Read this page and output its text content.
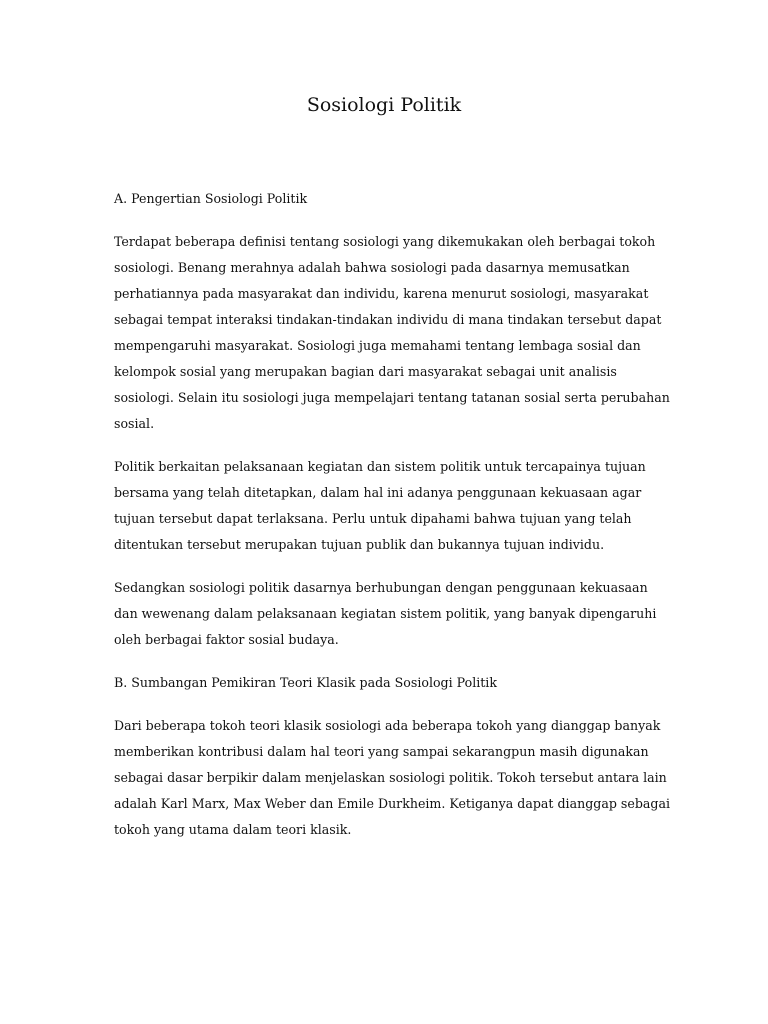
Sosiologi Politik
A. Pengertian Sosiologi Politik

Terdapat beberapa definisi tentang sosiologi yang dikemukakan oleh berbagai tokoh sosiologi. Benang merahnya adalah bahwa sosiologi pada dasarnya memusatkan perhatiannya pada masyarakat dan individu, karena menurut sosiologi, masyarakat sebagai tempat interaksi tindakan-tindakan individu di mana tindakan tersebut dapat mempengaruhi masyarakat. Sosiologi juga memahami tentang lembaga sosial dan kelompok sosial yang merupakan bagian dari masyarakat sebagai unit analisis sosiologi. Selain itu sosiologi juga mempelajari tentang tatanan sosial serta perubahan sosial.

Politik berkaitan pelaksanaan kegiatan dan sistem politik untuk tercapainya tujuan bersama yang telah ditetapkan, dalam hal ini adanya penggunaan kekuasaan agar tujuan tersebut dapat terlaksana. Perlu untuk dipahami bahwa tujuan yang telah ditentukan tersebut merupakan tujuan publik dan bukannya tujuan individu.

Sedangkan sosiologi politik dasarnya berhubungan dengan penggunaan kekuasaan dan wewenang dalam pelaksanaan kegiatan sistem politik, yang banyak dipengaruhi oleh berbagai faktor sosial budaya.

B. Sumbangan Pemikiran Teori Klasik pada Sosiologi Politik

Dari beberapa tokoh teori klasik sosiologi ada beberapa tokoh yang dianggap banyak memberikan kontribusi dalam hal teori yang sampai sekarangpun masih digunakan sebagai dasar berpikir dalam menjelaskan sosiologi politik. Tokoh tersebut antara lain adalah Karl Marx, Max Weber dan Emile Durkheim. Ketiganya dapat dianggap sebagai tokoh yang utama dalam teori klasik.
